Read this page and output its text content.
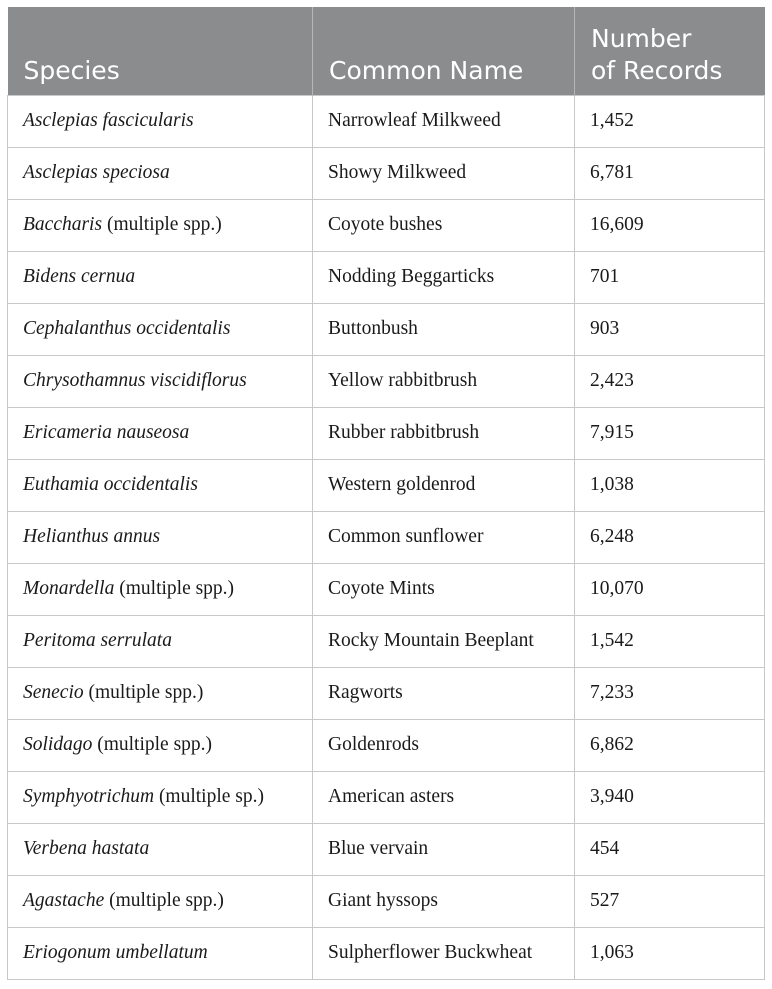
Species	Common Name	Number
of Records
Asclepias fascicularis	Narrowleaf Milkweed	1,452
Asclepias speciosa	Showy Milkweed	6,781
Baccharis (multiple spp.)	Coyote bushes	16,609
Bidens cernua	Nodding Beggarticks	701
Cephalanthus occidentalis	Buttonbush	903
Chrysothamnus viscidiflorus	Yellow rabbitbrush	2,423
Ericameria nauseosa	Rubber rabbitbrush	7,915
Euthamia occidentalis	Western goldenrod	1,038
Helianthus annus	Common sunflower	6,248
Monardella (multiple spp.)	Coyote Mints	10,070
Peritoma serrulata	Rocky Mountain Beeplant	1,542
Senecio (multiple spp.)	Ragworts	7,233
Solidago (multiple spp.)	Goldenrods	6,862
Symphyotrichum (multiple sp.)	American asters	3,940
Verbena hastata	Blue vervain	454
Agastache (multiple spp.)	Giant hyssops	527
Eriogonum umbellatum	Sulpherflower Buckwheat	1,063
